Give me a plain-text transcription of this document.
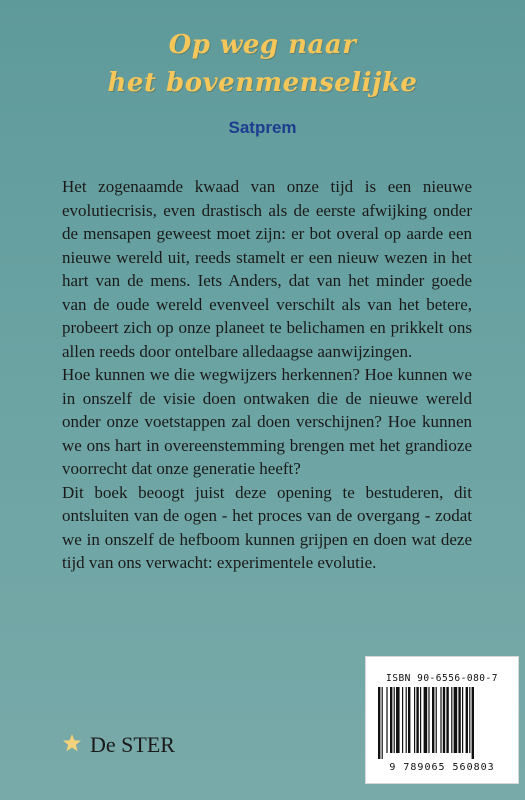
Op weg naar
het bovenmenselijke
Satprem

Het zogenaamde kwaad van onze tijd is een nieuwe evolutiecrisis, even drastisch als de eerste afwijking onder de mensapen geweest moet zijn: er bot overal op aarde een nieuwe wereld uit, reeds stamelt er een nieuw wezen in het hart van de mens. Iets Anders, dat van het minder goede van de oude wereld evenveel verschilt als van het betere, probeert zich op onze planeet te belichamen en prikkelt ons allen reeds door ontelbare alledaagse aanwijzingen.

Hoe kunnen we die wegwijzers herkennen? Hoe kunnen we in onszelf de visie doen ontwaken die de nieuwe wereld onder onze voetstappen zal doen verschijnen? Hoe kunnen we ons hart in overeenstemming brengen met het grandioze voorrecht dat onze generatie heeft?

Dit boek beoogt juist deze opening te bestuderen, dit ontsluiten van de ogen - het proces van de overgang - zodat we in onszelf de hefboom kunnen grijpen en doen wat deze tijd van ons verwacht: experimentele evolutie.

ISBN 90-6556-080-7
9 789065 560803
De STER
